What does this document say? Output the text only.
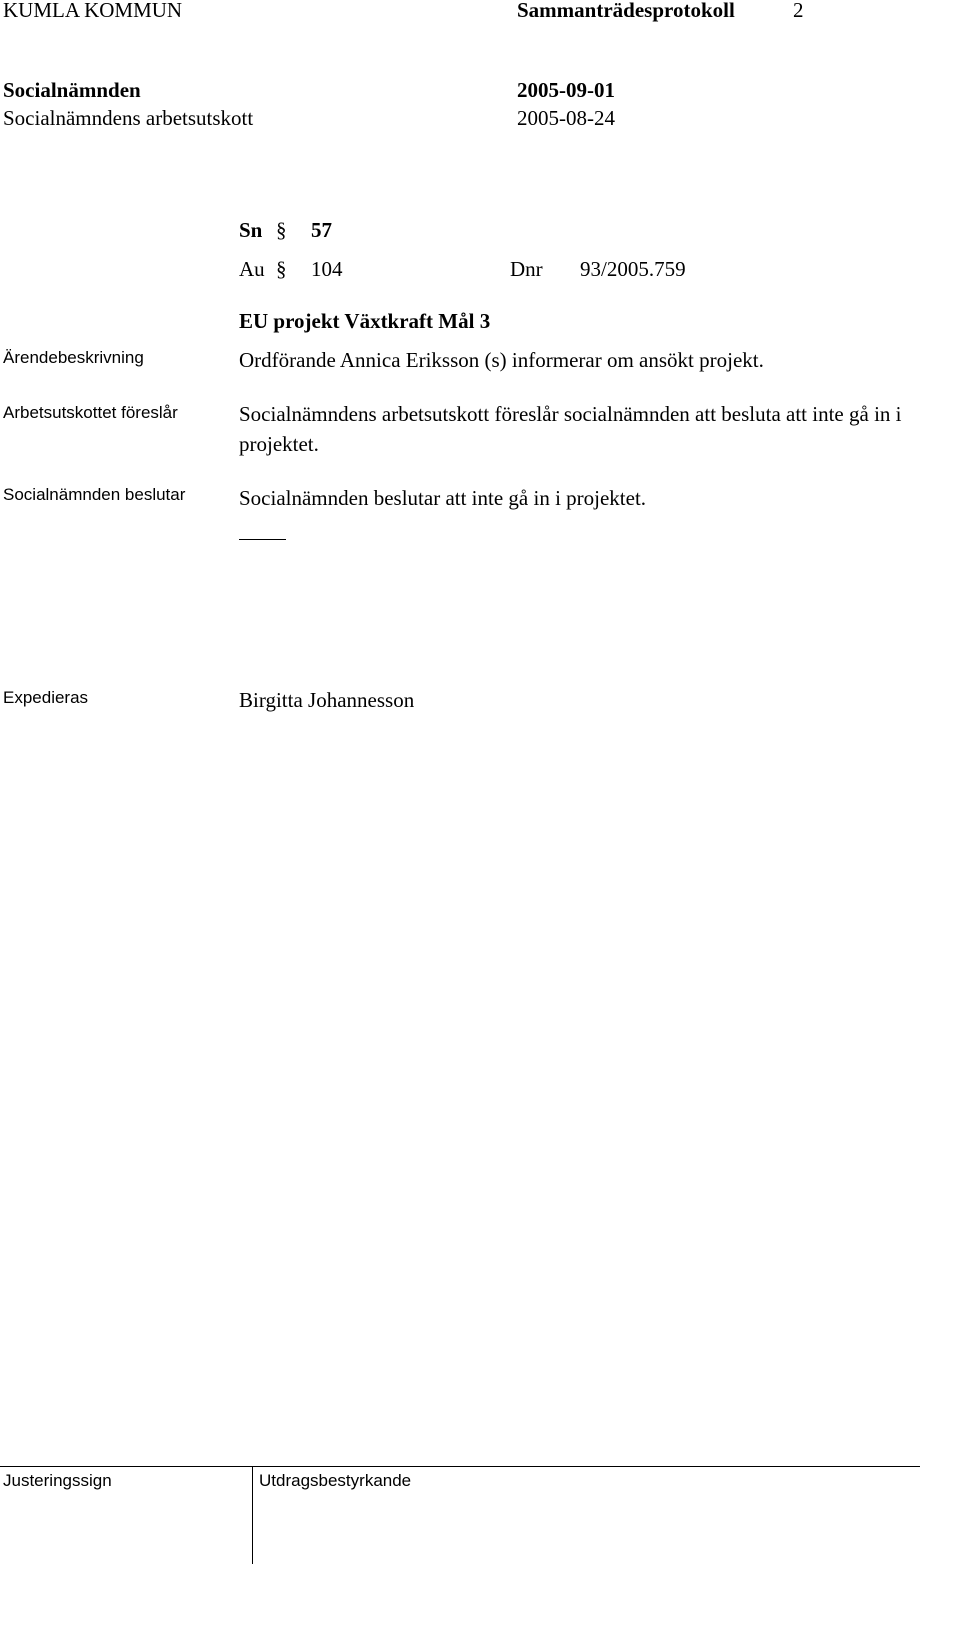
KUMLA KOMMUN	Sammanträdesprotokoll	2
Socialnämnden	2005-09-01
Socialnämndens arbetsutskott	2005-08-24
Sn § 57
Au § 104	Dnr 93/2005.759
EU projekt Växtkraft Mål 3
Ärendebeskrivning	Ordförande Annica Eriksson (s) informerar om ansökt projekt.
Arbetsutskottet föreslår	Socialnämndens arbetsutskott föreslår socialnämnden att besluta att inte gå in i projektet.
Socialnämnden beslutar	Socialnämnden beslutar att inte gå in i projektet.
Expedieras	Birgitta Johannesson
Justeringssign	Utdragsbestyrkande
